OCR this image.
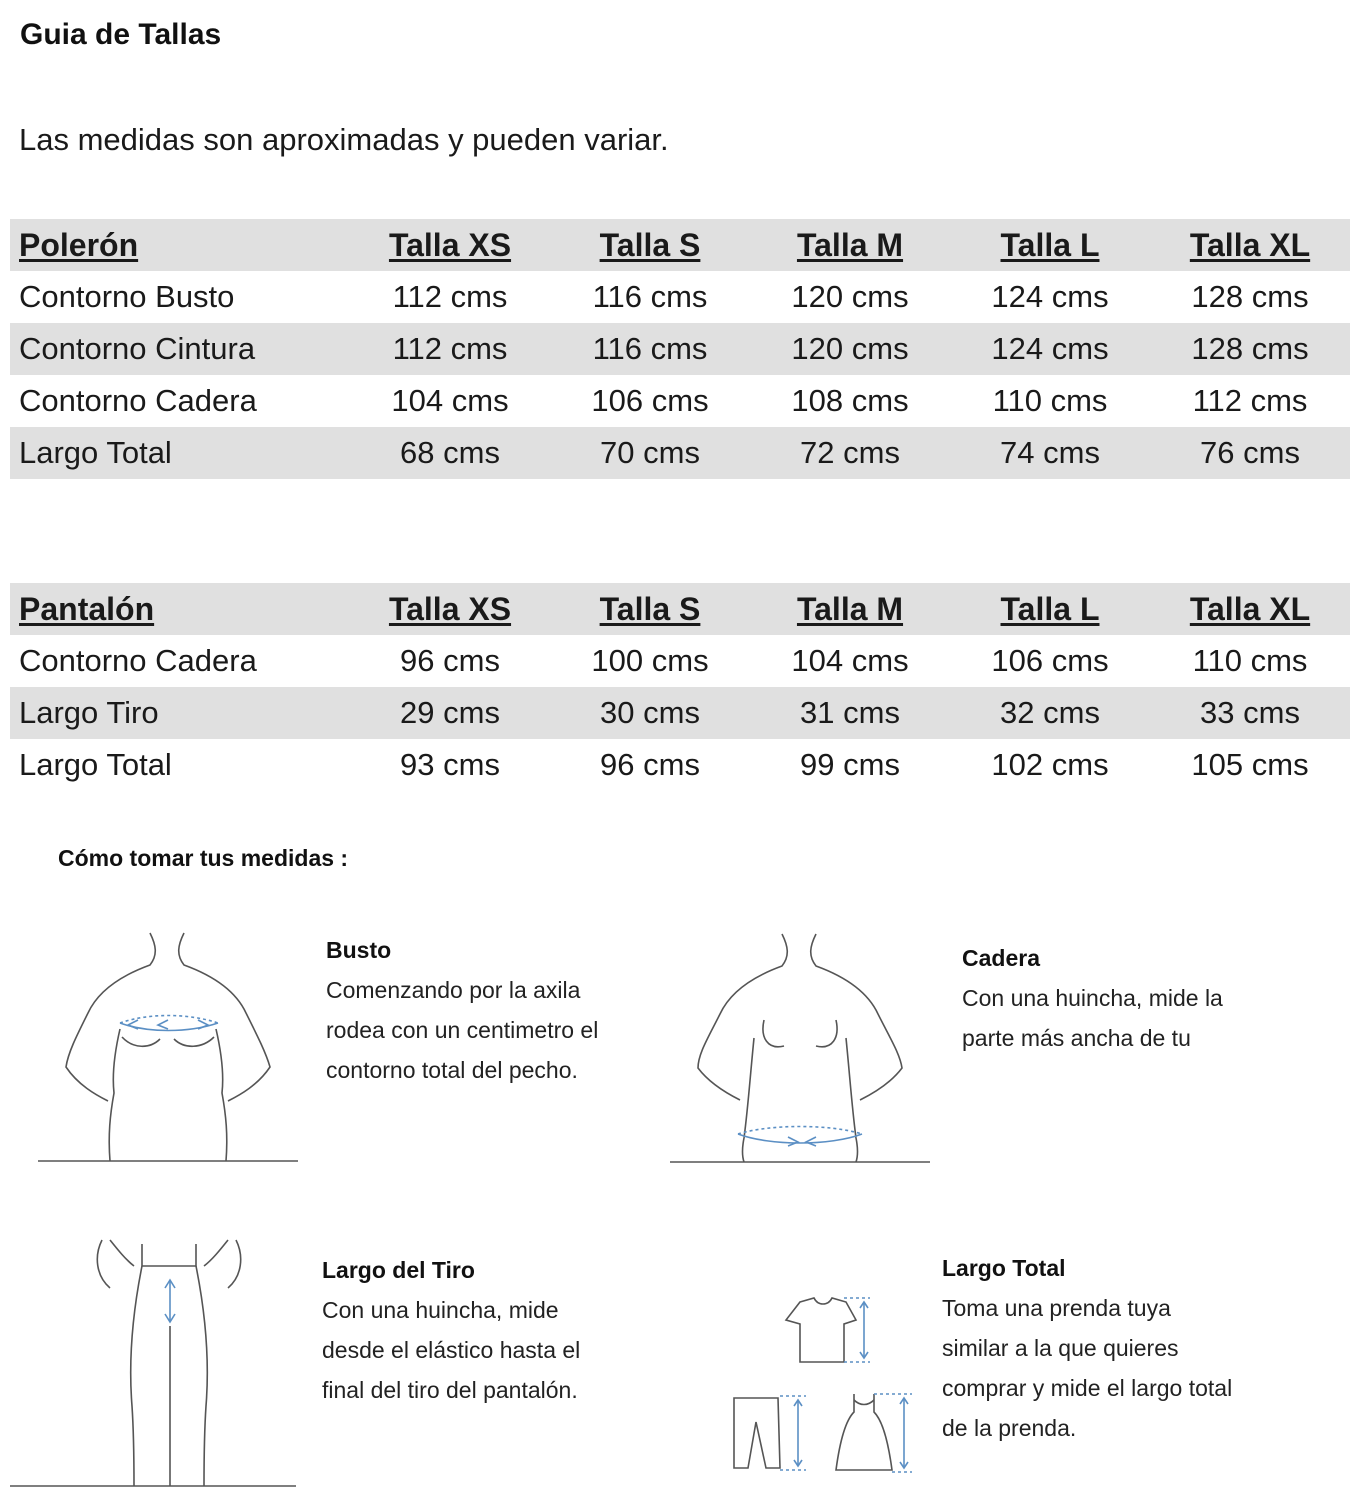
Guia de Tallas
Las medidas son aproximadas y pueden variar.
Polerón	Talla XS	Talla S	Talla M	Talla L	Talla XL
Contorno Busto	112 cms	116 cms	120 cms	124 cms	128 cms
Contorno Cintura	112 cms	116 cms	120 cms	124 cms	128 cms
Contorno Cadera	104 cms	106 cms	108 cms	110 cms	112 cms
Largo Total	68 cms	70 cms	72 cms	74 cms	76 cms
Pantalón	Talla XS	Talla S	Talla M	Talla L	Talla XL
Contorno Cadera	96 cms	100 cms	104 cms	106 cms	110 cms
Largo Tiro	29 cms	30 cms	31 cms	32 cms	33 cms
Largo Total	93 cms	96 cms	99 cms	102 cms	105 cms
Cómo tomar tus medidas :
Busto
Comenzando por la axila
rodea con un centimetro el
contorno total del pecho.
Cadera
Con una huincha, mide la
parte más ancha de tu
Largo del Tiro
Con una huincha, mide
desde el elástico hasta el
final del tiro del pantalón.
Largo Total
Toma una prenda tuya
similar a la que quieres
comprar y mide el largo total
de la prenda.
